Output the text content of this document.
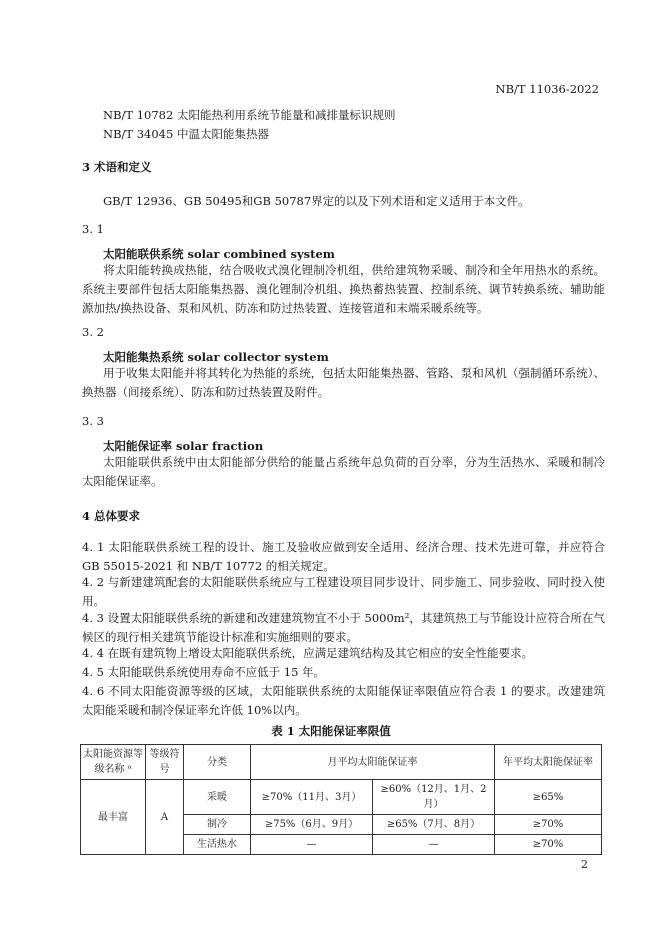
NB/T 11036-2022
NB/T 10782 太阳能热利用系统节能量和减排量标识规则
NB/T 34045 中温太阳能集热器
3 术语和定义
GB/T 12936、GB 50495和GB 50787界定的以及下列术语和定义适用于本文件。
3. 1
太阳能联供系统 solar combined system
将太阳能转换成热能，结合吸收式溴化锂制冷机组，供给建筑物采暖、制冷和全年用热水的系统。系统主要部件包括太阳能集热器、溴化锂制冷机组、换热蓄热装置、控制系统、调节转换系统、辅助能源加热/换热设备、泵和风机、防冻和防过热装置、连接管道和末端采暖系统等。
3. 2
太阳能集热系统 solar collector system
用于收集太阳能并将其转化为热能的系统，包括太阳能集热器、管路、泵和风机（强制循环系统）、换热器（间接系统）、防冻和防过热装置及附件。
3. 3
太阳能保证率 solar fraction
太阳能联供系统中由太阳能部分供给的能量占系统年总负荷的百分率，分为生活热水、采暖和制冷太阳能保证率。
4 总体要求
4. 1 太阳能联供系统工程的设计、施工及验收应做到安全适用、经济合理、技术先进可靠，并应符合GB 55015-2021 和 NB/T 10772 的相关规定。
4. 2 与新建建筑配套的太阳能联供系统应与工程建设项目同步设计、同步施工、同步验收、同时投入使用。
4. 3 设置太阳能联供系统的新建和改建建筑物宜不小于 5000m²，其建筑热工与节能设计应符合所在气候区的现行相关建筑节能设计标准和实施细则的要求。
4. 4 在既有建筑物上增设太阳能联供系统，应满足建筑结构及其它相应的安全性能要求。
4. 5 太阳能联供系统使用寿命不应低于 15 年。
4. 6 不同太阳能资源等级的区域，太阳能联供系统的太阳能保证率限值应符合表 1 的要求。改建建筑太阳能采暖和制冷保证率允许低 10%以内。
表 1 太阳能保证率限值
太阳能资源等级名称 ᵃ	等级符号	分类	月平均太阳能保证率		年平均太阳能保证率
最丰富	A	采暖	≥70%（11月、3月）	≥60%（12月、1月、2月）	≥65%
		制冷	≥75%（6月、9月）	≥65%（7月、8月）	≥70%
		生活热水	—	—	≥70%
2
